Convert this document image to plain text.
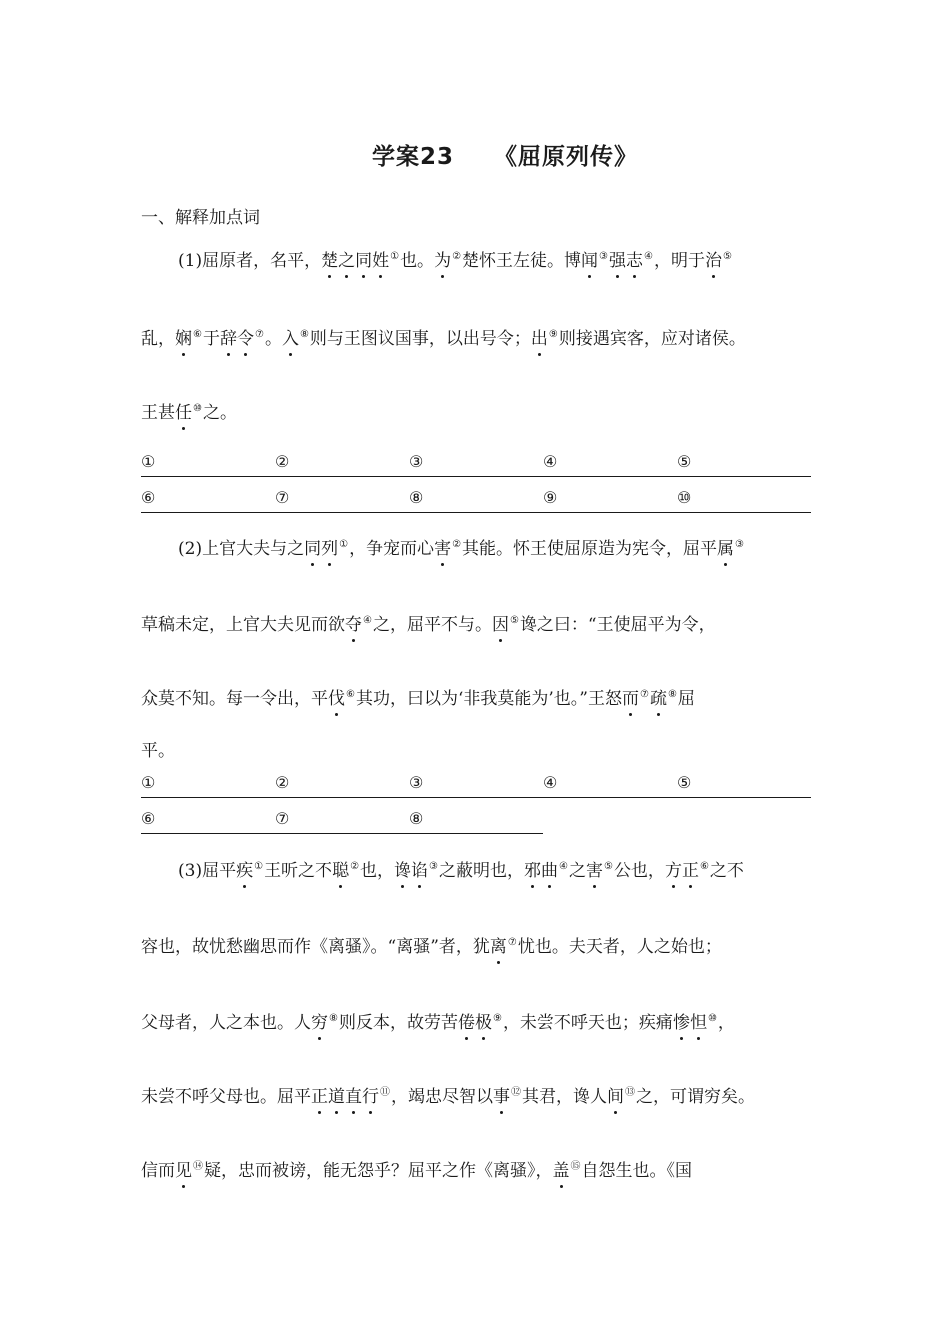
学案23 《屈原列传》
一、解释加点词
(1)屈原者，名平，楚之同姓①也。为②楚怀王左徒。博闻③强志④，明于治⑤
乱，娴⑥于辞令⑦。入⑧则与王图议国事，以出号令；出⑨则接遇宾客，应对诸侯。
王甚任⑩之。
①	②	③	④	⑤
⑥	⑦	⑧	⑨	⑩
(2)上官大夫与之同列①，争宠而心害②其能。怀王使屈原造为宪令，屈平属③
草稿未定，上官大夫见而欲夺④之，屈平不与。因⑤谗之曰：“王使屈平为令，
众莫不知。每一令出，平伐⑥其功，曰以为‘非我莫能为’也。”王怒而⑦疏⑧屈
平。
①	②	③	④	⑤
⑥	⑦	⑧
(3)屈平疾①王听之不聪②也，谗谄③之蔽明也，邪曲④之害⑤公也，方正⑥之不
容也，故忧愁幽思而作《离骚》。“离骚”者，犹离⑦忧也。夫天者，人之始也；
父母者，人之本也。人穷⑧则反本，故劳苦倦极⑨，未尝不呼天也；疾痛惨怛⑩，
未尝不呼父母也。屈平正道直行⑪，竭忠尽智以事⑫其君，谗人间⑬之，可谓穷矣。
信而见⑭疑，忠而被谤，能无怨乎？屈平之作《离骚》，盖⑮自怨生也。《国
